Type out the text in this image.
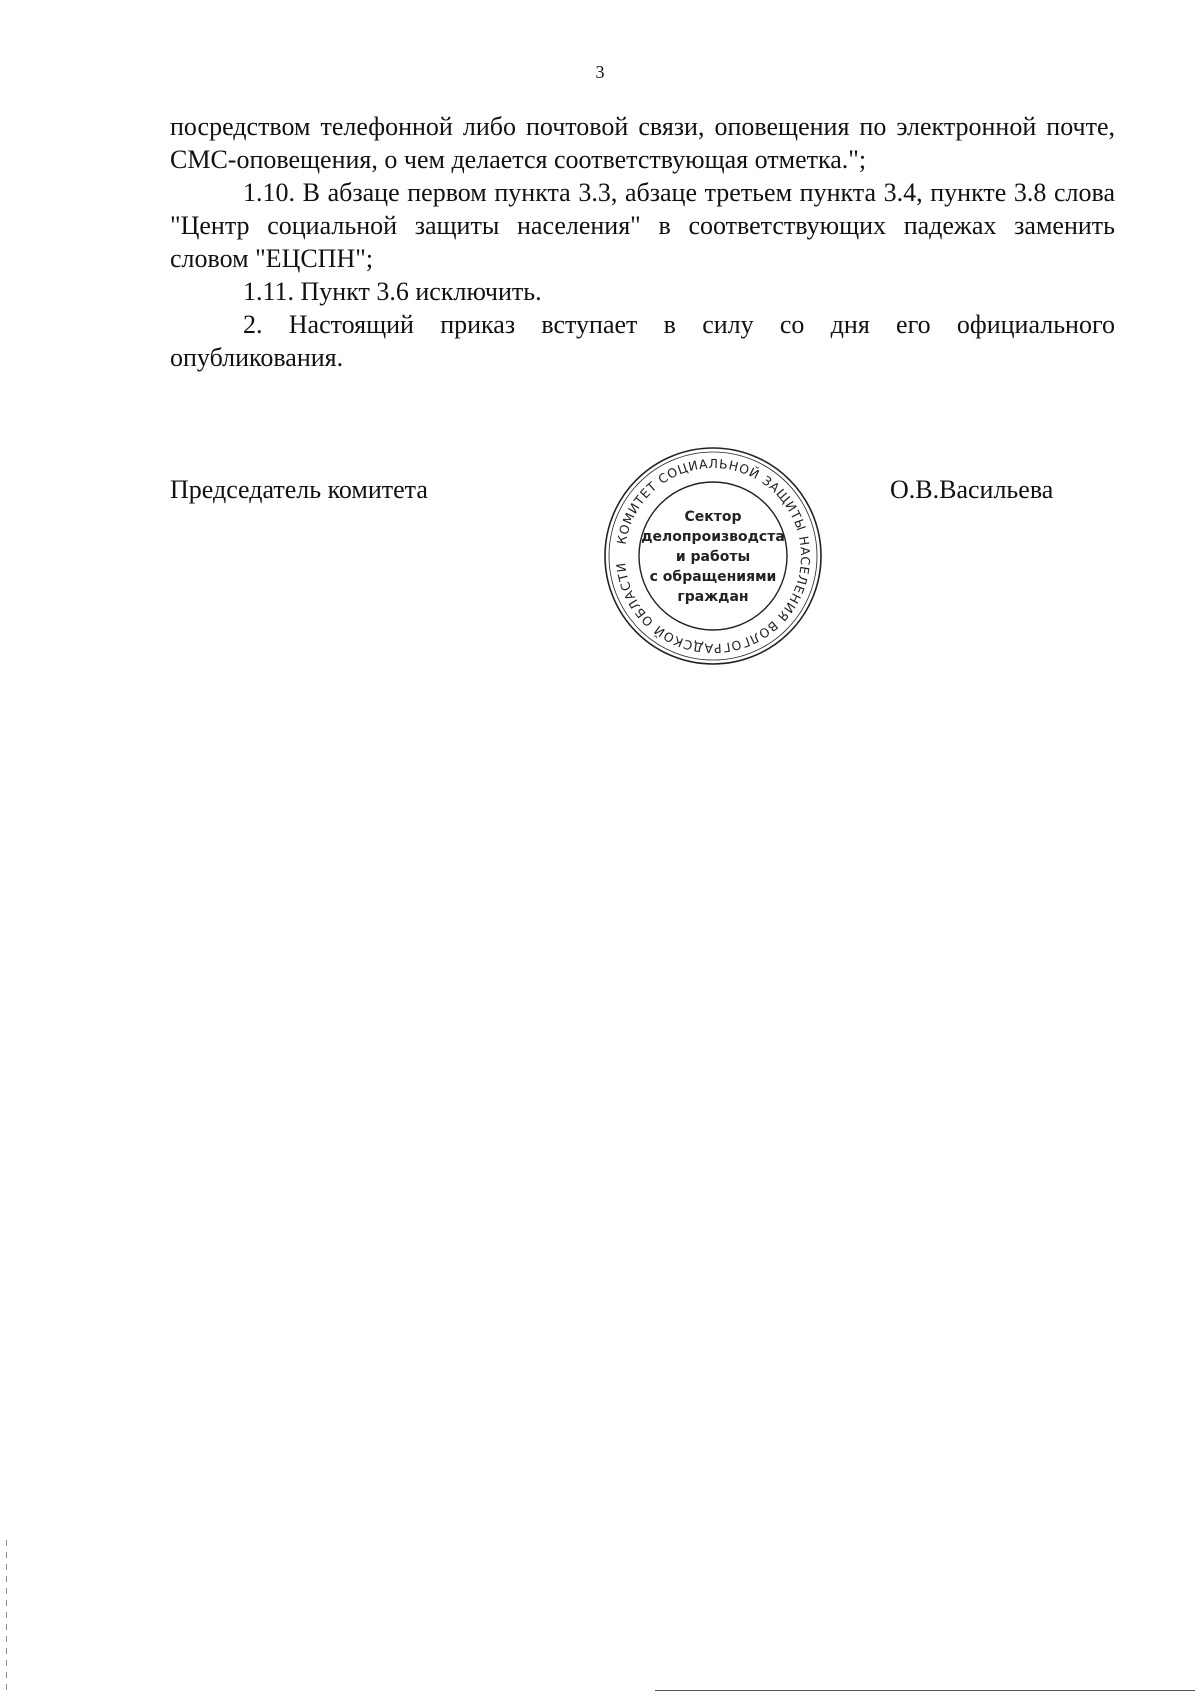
3

посредством телефонной либо почтовой связи, оповещения по электронной почте, СМС-оповещения, о чем делается соответствующая отметка.";

1.10. В абзаце первом пункта 3.3, абзаце третьем пункта 3.4, пункте 3.8 слова "Центр социальной защиты населения" в соответствующих падежах заменить словом "ЕЦСПН";

1.11. Пункт 3.6 исключить.

2. Настоящий приказ вступает в силу со дня его официального опубликования.

Председатель комитета
КОМИТЕТ СОЦИАЛЬНОЙ ЗАЩИТЫ НАСЕЛЕНИЯ ВОЛГОГРАДСКОЙ ОБЛАСТИ
Сектор
делопроизводста
и работы
с обращениями
граждан
О.В.Васильева
